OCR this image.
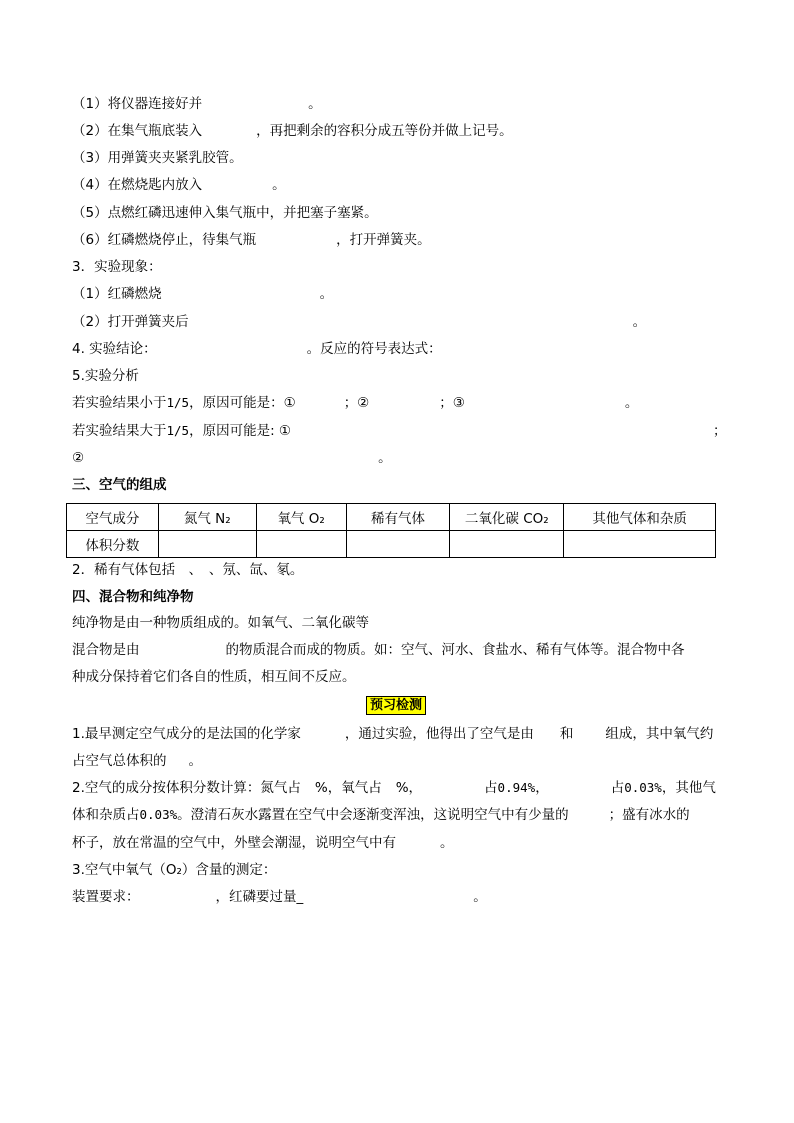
（1）将仪器连接好并	。
（2）在集气瓶底装入	，再把剩余的容积分成五等份并做上记号。
（3）用弹簧夹夹紧乳胶管。
（4）在燃烧匙内放入	。
（5）点燃红磷迅速伸入集气瓶中，并把塞子塞紧。
（6）红磷燃烧停止，待集气瓶	，打开弹簧夹。
3．实验现象：
（1）红磷燃烧	。
（2）打开弹簧夹后	。
4. 实验结论：	。反应的符号表达式：
5.实验分析
若实验结果小于1/5，原因可能是：①	；②	；③	。
若实验结果大于1/5，原因可能是: ①	；
②	。
三、空气的组成
空气成分	氮气 N₂	氧气 O₂	稀有气体	二氧化碳 CO₂	其他气体和杂质
体积分数					
2．稀有气体包括　、　、氖、氙、氡。
四、混合物和纯净物
纯净物是由一种物质组成的。如氧气、二氧化碳等
混合物是由	的物质混合而成的物质。如：空气、河水、食盐水、稀有气体等。混合物中各
种成分保持着它们各自的性质，相互间不反应。
预习检测
1.最早测定空气成分的是法国的化学家	，通过实验，他得出了空气是由 和 组成，其中氧气约
占空气总体积的 。
2.空气的成分按体积分数计算：氮气占 %，氧气占 %，	占0.94%，	占0.03%，其他气
体和杂质占0.03%。澄清石灰水露置在空气中会逐渐变浑浊，这说明空气中有少量的	；盛有冰水的
杯子，放在常温的空气中，外壁会潮湿，说明空气中有	。
3.空气中氧气（O₂）含量的测定：
装置要求：	，红磷要过量_	。
